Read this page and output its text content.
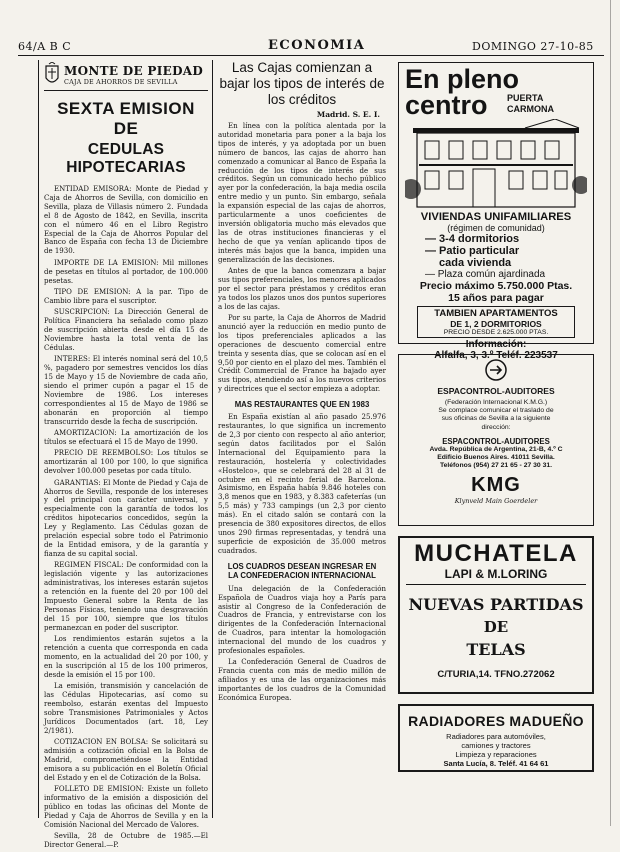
64/A B C	ECONOMIA	DOMINGO 27-10-85
MONTE DE PIEDAD
CAJA DE AHORROS DE SEVILLA
SEXTA EMISION DE
CEDULAS HIPOTECARIAS

ENTIDAD EMISORA: Monte de Piedad y Caja de Ahorros de Sevilla, con domicilio en Sevilla, plaza de Villasis número 2. Fundada el 8 de Agosto de 1842, en Sevilla, inscrita con el número 46 en el Libro Registro Especial de la Caja de Ahorros Popular del Banco de España con fecha 13 de Diciembre de 1930.

IMPORTE DE LA EMISION: Mil millones de pesetas en títulos al portador, de 100.000 pesetas.

TIPO DE EMISION: A la par. Tipo de Cambio libre para el suscriptor.

SUSCRIPCION: La Dirección General de Política Financiera ha señalado como plazo de suscripción abierta desde el día 15 de Noviembre hasta la total venta de las Cédulas.

INTERES: El interés nominal será del 10,5 %, pagadero por semestres vencidos los días 15 de Mayo y 15 de Noviembre de cada año, siendo el primer cupón a pagar el 15 de Noviembre de 1986. Los intereses correspondientes al 15 de Mayo de 1986 se abonarán en proporción al tiempo transcurrido desde la fecha de suscripción.

AMORTIZACION: La amortización de los títulos se efectuará el 15 de Mayo de 1990.

PRECIO DE REEMBOLSO: Los títulos se amortizarán al 100 por 100, lo que significa devolver 100.000 pesetas por cada título.

GARANTIAS: El Monte de Piedad y Caja de Ahorros de Sevilla, responde de los intereses y del principal con carácter universal, y especialmente con la garantía de todos los créditos hipotecarios concedidos, según la Ley y Reglamento. Las Cédulas gozan de prelación especial sobre todo el Patrimonio de la Entidad emisora, y de la garantía y fianza de su capital social.

REGIMEN FISCAL: De conformidad con la legislación vigente y las autorizaciones administrativas, los intereses estarán sujetos a retención en la fuente del 20 por 100 del Impuesto General sobre la Renta de las Personas Físicas, teniendo una desgravación del 15 por 100, siempre que los títulos permanezcan en poder del suscriptor.

Los rendimientos estarán sujetos a la retención a cuenta que corresponda en cada momento, en la actualidad del 20 por 100, y en la suscripción al 15 de los 100 primeros, desde la emisión el 15 por 100.

La emisión, transmisión y cancelación de las Cédulas Hipotecarias, así como su reembolso, estarán exentas del Impuesto sobre Transmisiones Patrimoniales y Actos Jurídicos Documentados (art. 18, Ley 2/1981).

COTIZACION EN BOLSA: Se solicitará su admisión a cotización oficial en la Bolsa de Madrid, comprometiéndose la Entidad emisora a su publicación en el Boletín Oficial del Estado y en el de Cotización de la Bolsa.

FOLLETO DE EMISION: Existe un folleto informativo de la emisión a disposición del público en todas las oficinas del Monte de Piedad y Caja de Ahorros de Sevilla y en la Comisión Nacional del Mercado de Valores.

Sevilla, 28 de Octubre de 1985.—El Director General.—P.

Las Cajas comienzan a bajar los tipos de interés de los créditos
Madrid. S. E. I.

En línea con la política alentada por la autoridad monetaria para poner a la baja los tipos de interés, y ya adoptada por un buen número de bancos, las cajas de ahorro han comenzado a comunicar al Banco de España la reducción de los tipos de interés de sus créditos. Según un comunicado hecho público ayer por la confederación, la baja media oscila entre medio y un punto. Sin embargo, señala la expansión especial de las cajas de ahorros, particularmente a unos coeficientes de inversión obligatoria mucho más elevados que las de otras instituciones financieras y el hecho de que ya venían aplicando tipos de interés más bajos que la banca, impiden una generalización de las decisiones.

Antes de que la banca comenzara a bajar sus tipos preferenciales, los menores aplicados por el sector para préstamos y créditos eran ya todos los plazos unos dos puntos superiores a los de las cajas.

Por su parte, la Caja de Ahorros de Madrid anunció ayer la reducción en medio punto de los tipos preferenciales aplicados a las operaciones de descuento comercial entre treinta y sesenta días, que se colocan así en el 9,50 por ciento en el plazo del mes. También el Crédit Commercial de France ha bajado ayer sus tipos, atendiendo así a los nuevos criterios y directrices que el sector empieza a adoptar.

MAS RESTAURANTES QUE EN 1983

En España existían al año pasado 25.976 restaurantes, lo que significa un incremento de 2,3 por ciento con respecto al año anterior, según datos facilitados por el Salón Internacional del Equipamiento para la restauración, hostelería y colectividades «Hostelco», que se celebrará del 28 al 31 de octubre en el recinto ferial de Barcelona. Asimismo, en España había 9.846 hoteles con 3,8 menos que en 1983, y 8.383 cafeterías (un 5,5 más) y 733 campings (un 2,3 por ciento más). En el citado salón se contará con la presencia de 380 expositores directos, de ellos unos 290 firmas representadas, y tendrá una superficie de exposición de 35.000 metros cuadrados.

LOS CUADROS DESEAN INGRESAR EN LA CONFEDERACION INTERNACIONAL

Una delegación de la Confederación Española de Cuadros viaja hoy a París para asistir al Congreso de la Confederación de Cuadros de Francia, y entrevistarse con los dirigentes de la Confederación Internacional de Cuadros, para intentar la homologación internacional del mundo de los cuadros y profesionales españoles.

La Confederación General de Cuadros de Francia cuenta con más de medio millón de afiliados y es una de las organizaciones más importantes de los cuadros de la Comunidad Económica Europea.

En pleno
centro PUERTA
CARMONA
VIVIENDAS UNIFAMILIARES
(régimen de comunidad)
— 3-4 dormitorios
— Patio particular
cada vivienda
— Plaza común ajardinada
Precio máximo 5.750.000 Ptas.
15 años para pagar
TAMBIEN APARTAMENTOS
DE 1, 2 DORMITORIOS
PRECIO DESDE 2.625.000 PTAS.
Información:
Alfalfa, 3, 3.º Teléf. 223537
ESPACONTROL-AUDITORES
(Federación Internacional K.M.G.)
Se complace comunicar el traslado de
sus oficinas de Sevilla a la siguiente
dirección:
ESPACONTROL-AUDITORES
Avda. República de Argentina, 21-B, 4.º C
Edificio Buenos Aires. 41011 Sevilla.
Teléfonos (954) 27 21 65 - 27 30 31.
KMG
Klynveld Main Goerdeler
MUCHATELA
LAPI & M.LORING
NUEVAS PARTIDAS
DE
TELAS
C/TURIA,14. TFNO.272062
RADIADORES MADUEÑO
Radiadores para automóviles,
camiones y tractores
Limpieza y reparaciones
Santa Lucía, 8. Teléf. 41 64 61
